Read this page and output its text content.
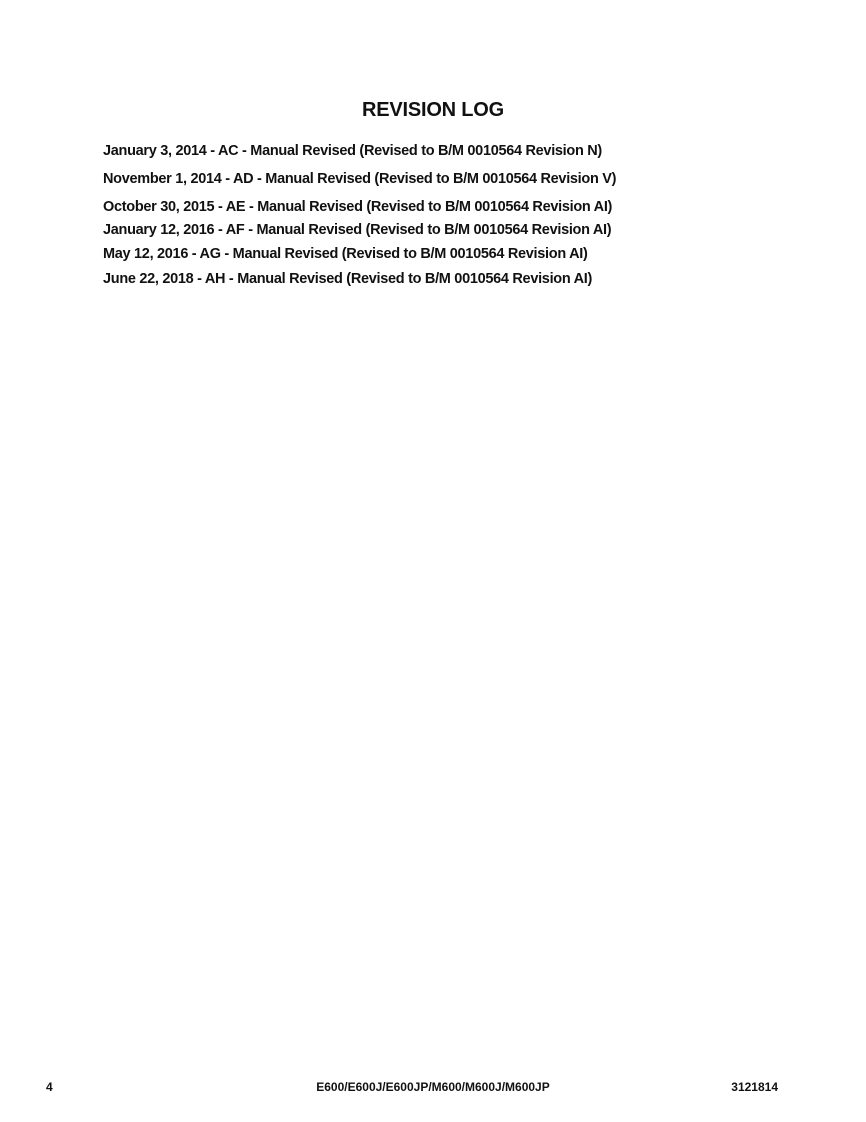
REVISION LOG
January 3, 2014 - AC - Manual Revised (Revised to B/M 0010564 Revision N)
November 1, 2014 - AD - Manual Revised (Revised to B/M 0010564 Revision V)
October 30, 2015 - AE - Manual Revised (Revised to B/M 0010564 Revision AI)
January 12, 2016 - AF - Manual Revised (Revised to B/M 0010564 Revision AI)
May 12, 2016 - AG - Manual Revised (Revised to B/M 0010564 Revision AI)
June 22, 2018 - AH - Manual Revised (Revised to B/M 0010564 Revision AI)
4	E600/E600J/E600JP/M600/M600J/M600JP	3121814
